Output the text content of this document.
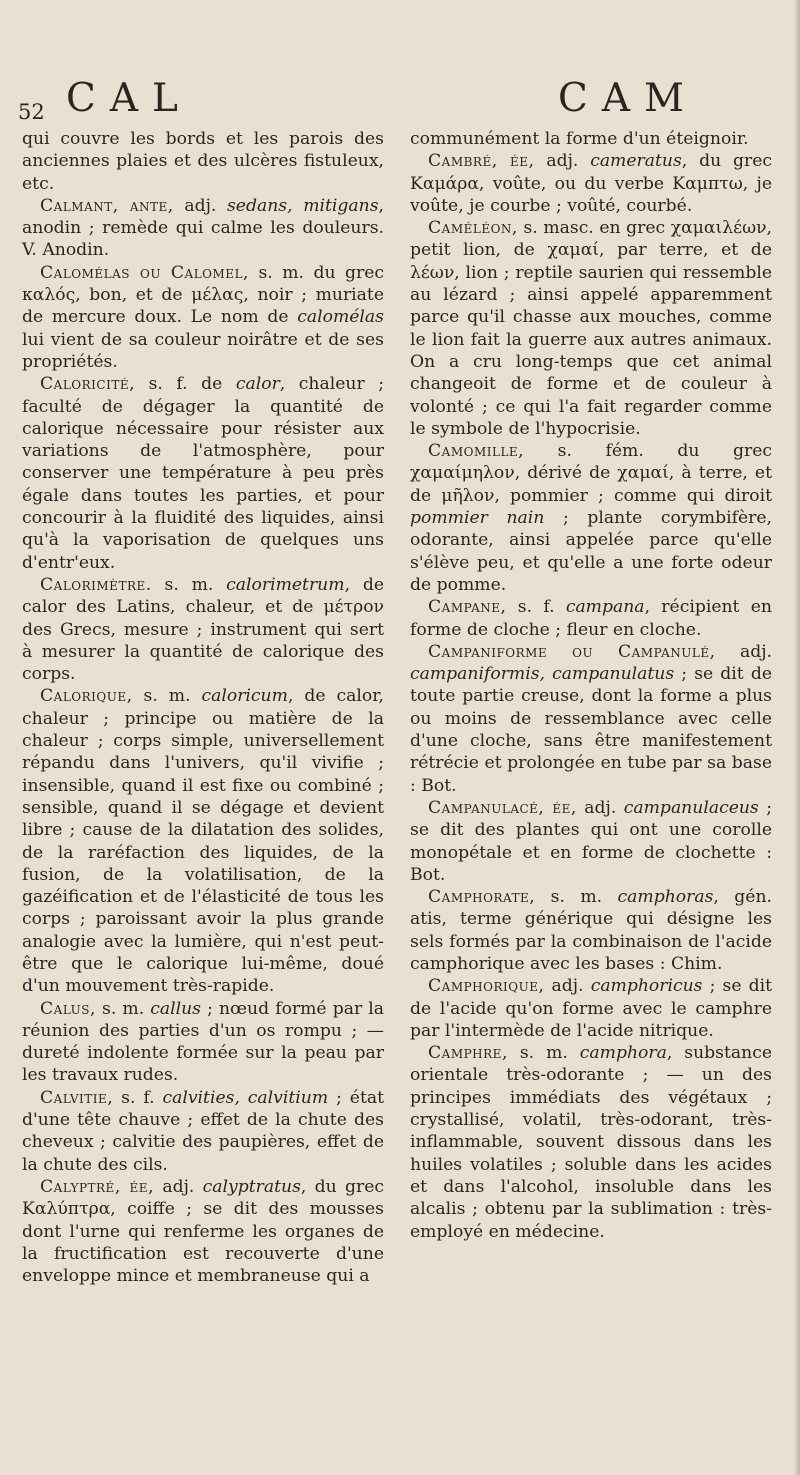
52 CAL	CAM

qui couvre les bords et les parois des anciennes plaies et des ulcères fistuleux, etc.

Calmant, ante, adj. sedans, mitigans, anodin ; remède qui calme les douleurs. V. Anodin.

Calomélas ou Calomel, s. m. du grec καλός, bon, et de μέλας, noir ; muriate de mercure doux. Le nom de calomélas lui vient de sa couleur noirâtre et de ses propriétés.

Caloricité, s. f. de calor, chaleur ; faculté de dégager la quantité de calorique nécessaire pour résister aux variations de l'atmosphère, pour conserver une température à peu près égale dans toutes les parties, et pour concourir à la fluidité des liquides, ainsi qu'à la vaporisation de quelques uns d'entr'eux.

Calorimètre. s. m. calorimetrum, de calor des Latins, chaleur, et de μέτρον des Grecs, mesure ; instrument qui sert à mesurer la quantité de calorique des corps.

Calorique, s. m. caloricum, de calor, chaleur ; principe ou matière de la chaleur ; corps simple, universellement répandu dans l'univers, qu'il vivifie ; insensible, quand il est fixe ou combiné ; sensible, quand il se dégage et devient libre ; cause de la dilatation des solides, de la raréfaction des liquides, de la fusion, de la volatilisation, de la gazéification et de l'élasticité de tous les corps ; paroissant avoir la plus grande analogie avec la lumière, qui n'est peut-être que le calorique lui-même, doué d'un mouvement très-rapide.

Calus, s. m. callus ; nœud formé par la réunion des parties d'un os rompu ; — dureté indolente formée sur la peau par les travaux rudes.

Calvitie, s. f. calvities, calvitium ; état d'une tête chauve ; effet de la chute des cheveux ; calvitie des paupières, effet de la chute des cils.

Calyptré, ée, adj. calyptratus, du grec Καλύπτρα, coiffe ; se dit des mousses dont l'urne qui renferme les organes de la fructification est recouverte d'une enveloppe mince et membraneuse qui a

communément la forme d'un éteignoir.

Cambré, ée, adj. cameratus, du grec Καμάρα, voûte, ou du verbe Καμπτω, je voûte, je courbe ; voûté, courbé.

Caméléon, s. masc. en grec χαμαιλέων, petit lion, de χαμαί, par terre, et de λέων, lion ; reptile saurien qui ressemble au lézard ; ainsi appelé apparemment parce qu'il chasse aux mouches, comme le lion fait la guerre aux autres animaux. On a cru long-temps que cet animal changeoit de forme et de couleur à volonté ; ce qui l'a fait regarder comme le symbole de l'hypocrisie.

Camomille, s. fém. du grec χαμαίμηλον, dérivé de χαμαί, à terre, et de μῆλον, pommier ; comme qui diroit pommier nain ; plante corymbifère, odorante, ainsi appelée parce qu'elle s'élève peu, et qu'elle a une forte odeur de pomme.

Campane, s. f. campana, récipient en forme de cloche ; fleur en cloche.

Campaniforme ou Campanulé, adj. campaniformis, campanulatus ; se dit de toute partie creuse, dont la forme a plus ou moins de ressemblance avec celle d'une cloche, sans être manifestement rétrécie et prolongée en tube par sa base : Bot.

Campanulacé, ée, adj. campanulaceus ; se dit des plantes qui ont une corolle monopétale et en forme de clochette : Bot.

Camphorate, s. m. camphoras, gén. atis, terme générique qui désigne les sels formés par la combinaison de l'acide camphorique avec les bases : Chim.

Camphorique, adj. camphoricus ; se dit de l'acide qu'on forme avec le camphre par l'intermède de l'acide nitrique.

Camphre, s. m. camphora, substance orientale très-odorante ; — un des principes immédiats des végétaux ; crystallisé, volatil, très-odorant, très-inflammable, souvent dissous dans les huiles volatiles ; soluble dans les acides et dans l'alcohol, insoluble dans les alcalis ; obtenu par la sublimation : très-employé en médecine.
